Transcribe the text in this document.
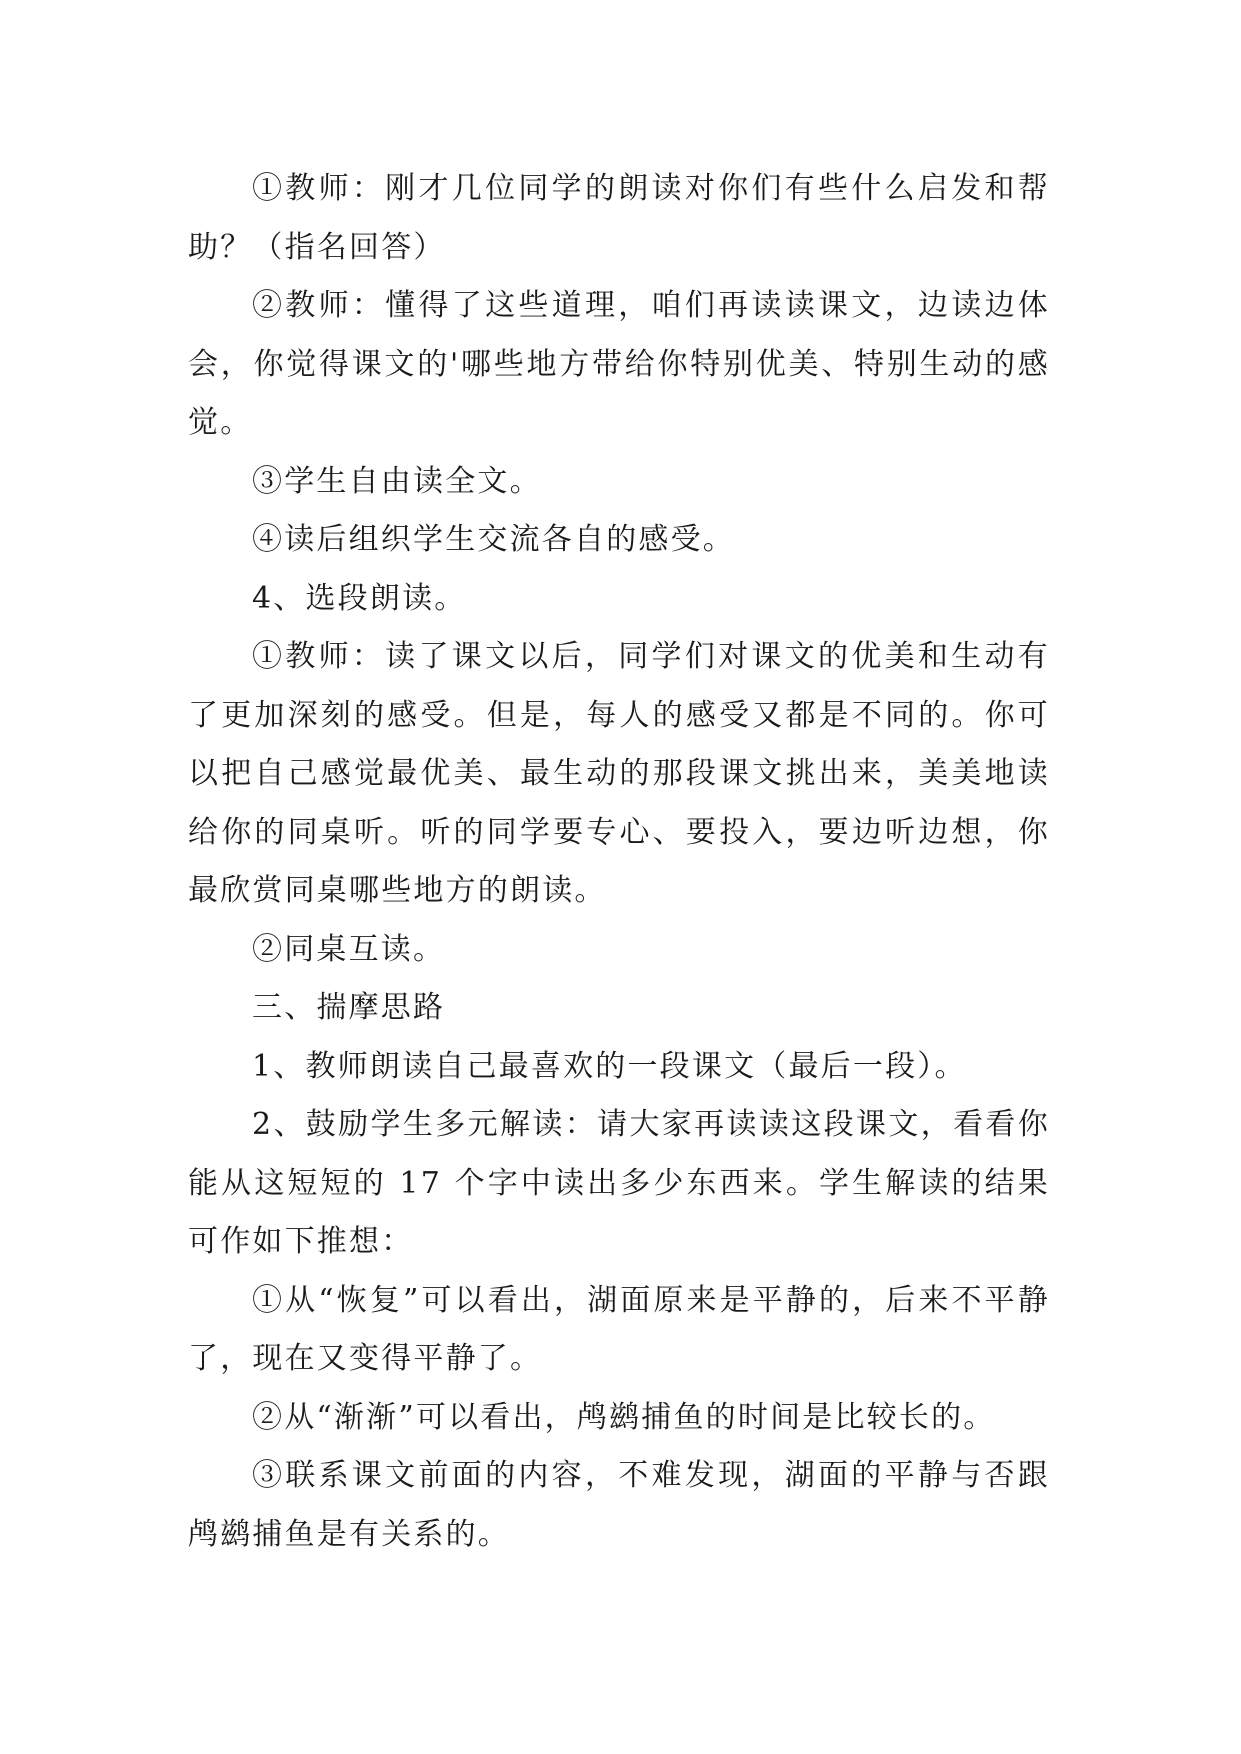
①教师：刚才几位同学的朗读对你们有些什么启发和帮助？（指名回答）

②教师：懂得了这些道理，咱们再读读课文，边读边体会，你觉得课文的'哪些地方带给你特别优美、特别生动的感觉。

③学生自由读全文。

④读后组织学生交流各自的感受。

4、选段朗读。

①教师：读了课文以后，同学们对课文的优美和生动有了更加深刻的感受。但是，每人的感受又都是不同的。你可以把自己感觉最优美、最生动的那段课文挑出来，美美地读给你的同桌听。听的同学要专心、要投入，要边听边想，你最欣赏同桌哪些地方的朗读。

②同桌互读。

三、揣摩思路

1、教师朗读自己最喜欢的一段课文（最后一段）。

2、鼓励学生多元解读：请大家再读读这段课文，看看你能从这短短的 17 个字中读出多少东西来。学生解读的结果可作如下推想：

①从“恢复”可以看出，湖面原来是平静的，后来不平静了，现在又变得平静了。

②从“渐渐”可以看出，鸬鹚捕鱼的时间是比较长的。

③联系课文前面的内容，不难发现，湖面的平静与否跟鸬鹚捕鱼是有关系的。
